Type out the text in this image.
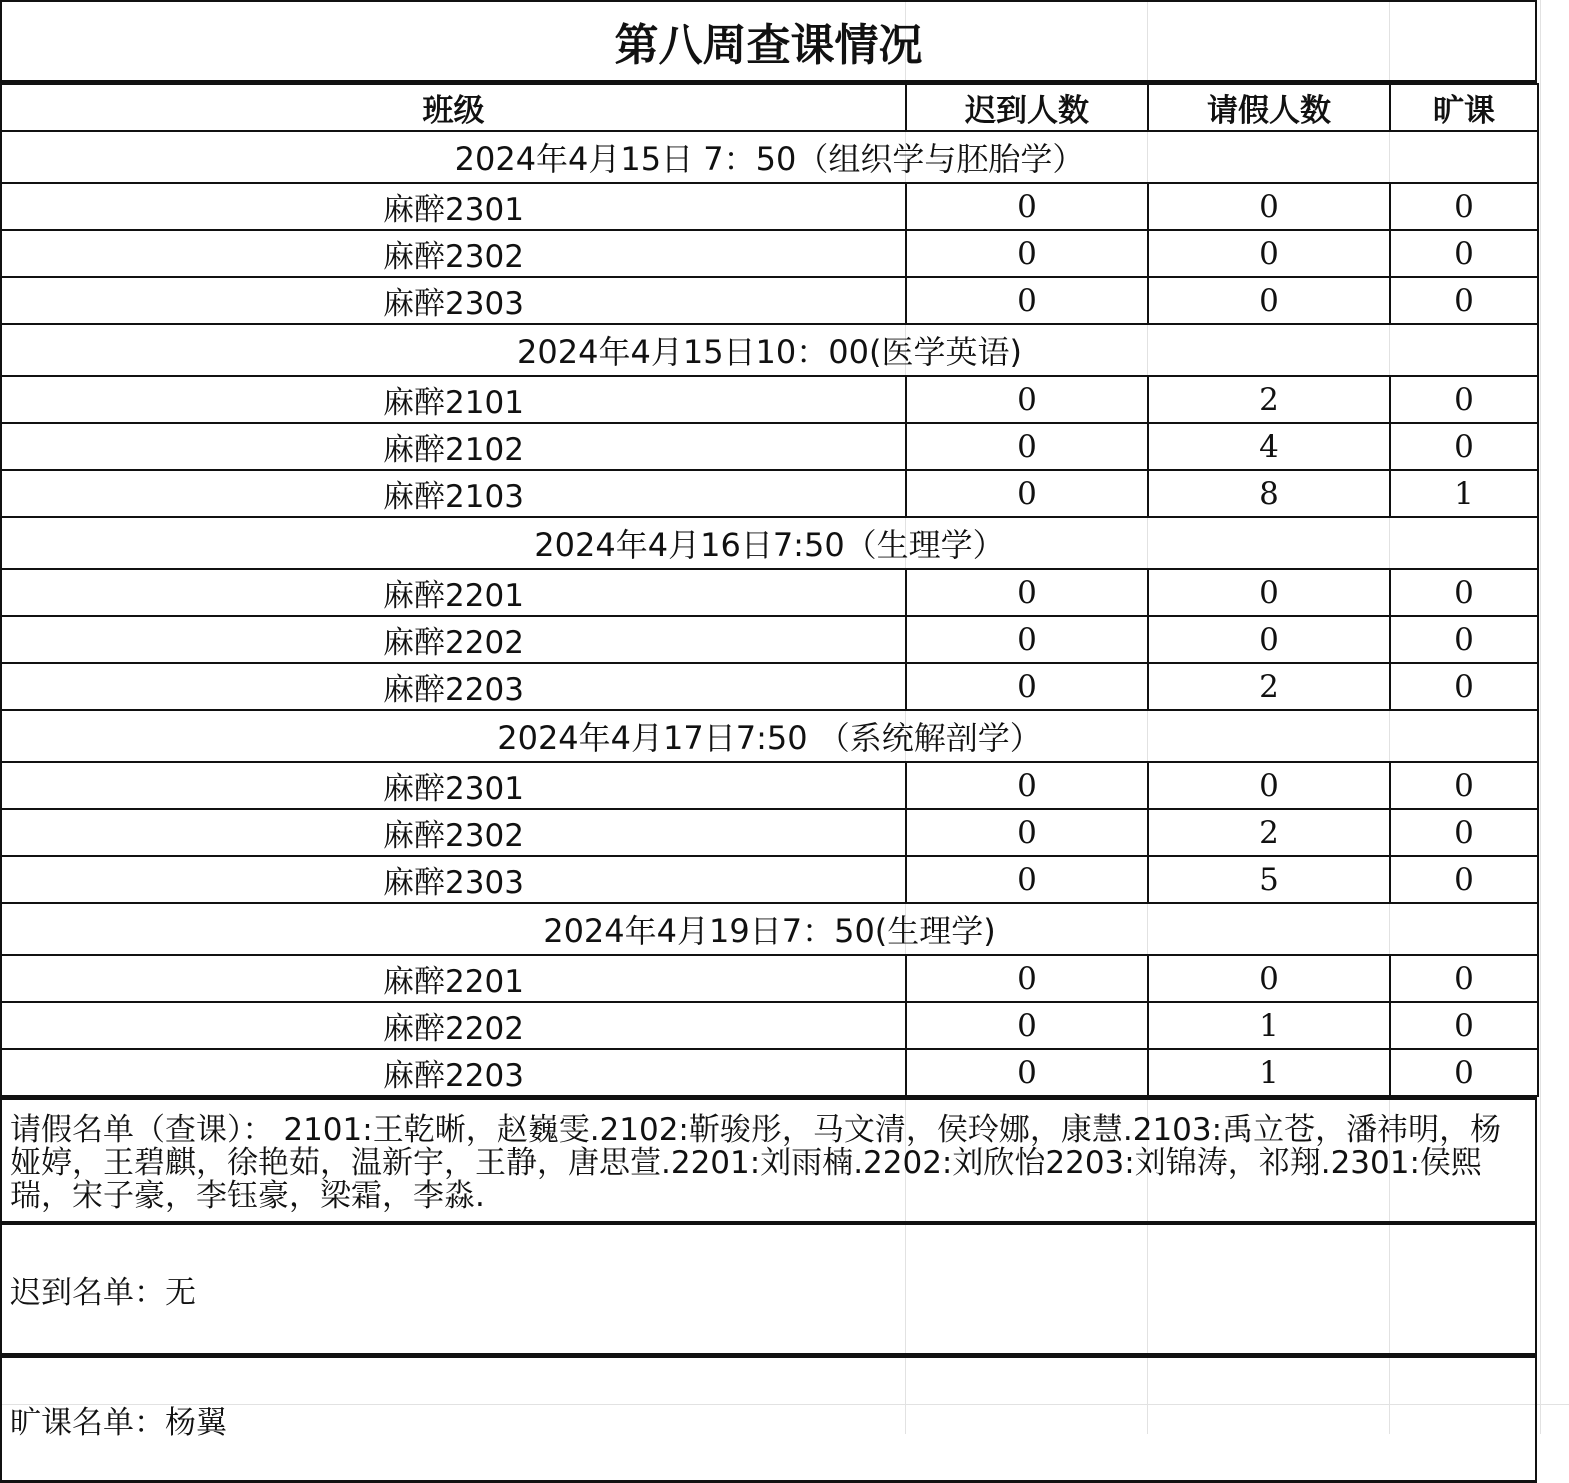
第八周查课情况
班级	迟到人数	请假人数	旷课
2024年4月15日 7：50（组织学与胚胎学）			
麻醉2301	0	0	0
麻醉2302	0	0	0
麻醉2303	0	0	0
2024年4月15日10：00(医学英语)			
麻醉2101	0	2	0
麻醉2102	0	4	0
麻醉2103	0	8	1
2024年4月16日7:50（生理学）			
麻醉2201	0	0	0
麻醉2202	0	0	0
麻醉2203	0	2	0
2024年4月17日7:50 （系统解剖学）			
麻醉2301	0	0	0
麻醉2302	0	2	0
麻醉2303	0	5	0
2024年4月19日7：50(生理学)			
麻醉2201	0	0	0
麻醉2202	0	1	0
麻醉2203	0	1	0
请假名单（查课）： 2101:王乾晰，赵巍雯.2102:靳骏彤，马文清，侯玲娜，康慧.2103:禹立苍，潘祎明，杨娅婷，王碧麒，徐艳茹，温新宇，王静，唐思萱.2201:刘雨楠.2202:刘欣怡2203:刘锦涛，祁翔.2301:侯熙瑞，宋子豪，李钰豪，梁霜，李淼.
迟到名单：无
旷课名单：杨翼
